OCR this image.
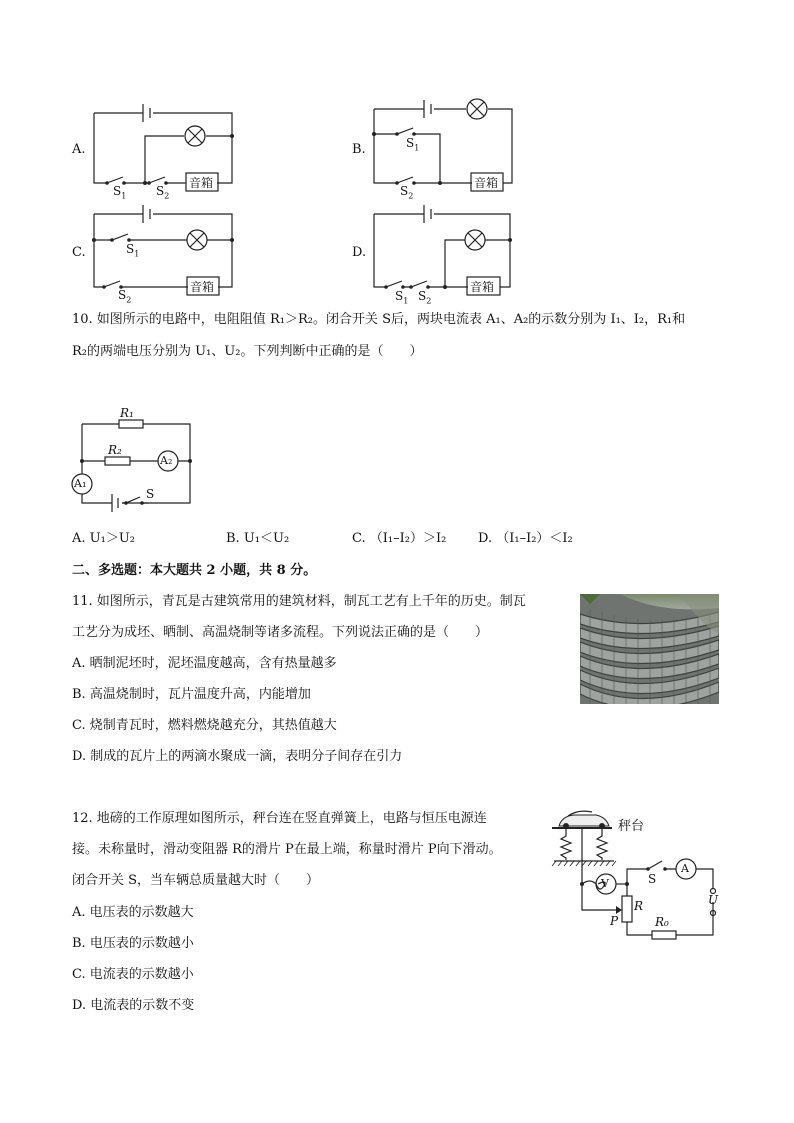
A.
音箱
$S_1$ $S_2$
B.
音箱
$S_1$
$S_2$
C.
音箱
$S_1$
$S_2$
D.
音箱
$S_1$ $S_2$
10. 如图所示的电路中，电阻阻值 R₁＞R₂。闭合开关 S后，两块电流表 A₁、A₂的示数分别为 I₁、I₂，R₁和
R₂的两端电压分别为 U₁、U₂。下列判断中正确的是（　　）
R₁
R₂
A₂
A₁
S
A. U₁＞U₂	B. U₁＜U₂	C. （I₁–I₂）＞I₂ D. （I₁–I₂）＜I₂
二、多选题：本大题共 2 小题，共 8 分。
11. 如图所示，青瓦是古建筑常用的建筑材料，制瓦工艺有上千年的历史。制瓦
工艺分为成坯、晒制、高温烧制等诸多流程。下列说法正确的是（　　）
A. 晒制泥坯时，泥坯温度越高，含有热量越多
B. 高温烧制时，瓦片温度升高，内能增加
C. 烧制青瓦时，燃料燃烧越充分，其热值越大
D. 制成的瓦片上的两滴水聚成一滴，表明分子间存在引力
12. 地磅的工作原理如图所示，秤台连在竖直弹簧上，电路与恒压电源连
接。未称量时，滑动变阻器 R的滑片 P在最上端，称量时滑片 P向下滑动。
闭合开关 S，当车辆总质量越大时（　　）
A. 电压表的示数越大
B. 电压表的示数越小
C. 电流表的示数越小
D. 电流表的示数不变
秤台
V
A
S
R
P
U
R₀
